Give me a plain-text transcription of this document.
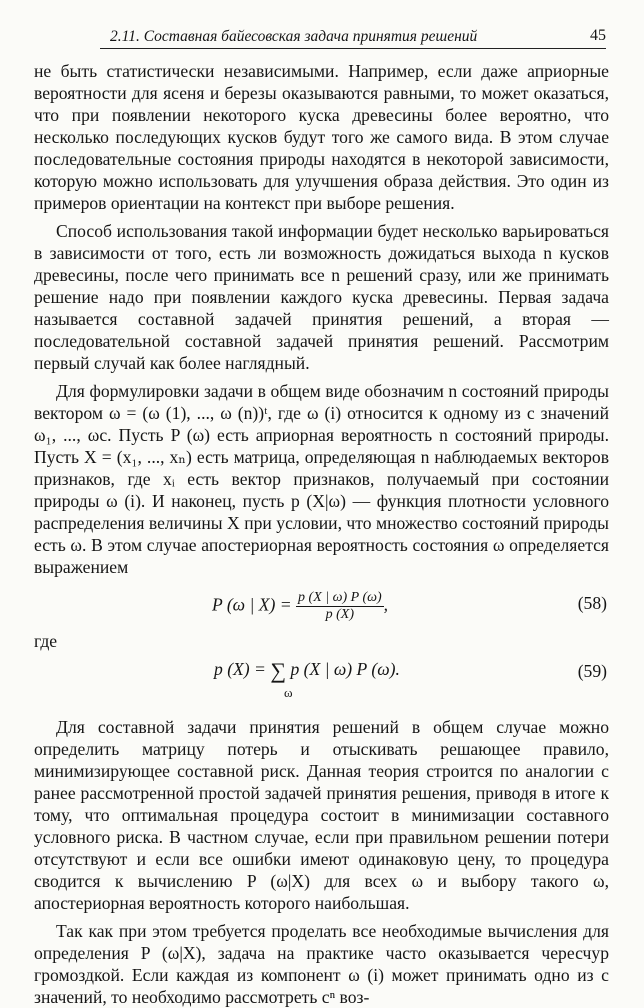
2.11. Составная байесовская задача принятия решений	45

не быть статистически независимыми. Например, если даже априорные вероятности для ясеня и березы оказываются равными, то может оказаться, что при появлении некоторого куска древесины более вероятно, что несколько последующих кусков будут того же самого вида. В этом случае последовательные состояния природы находятся в некоторой зависимости, которую можно использовать для улучшения образа действия. Это один из примеров ориентации на контекст при выборе решения.

Способ использования такой информации будет несколько варьироваться в зависимости от того, есть ли возможность дожидаться выхода n кусков древесины, после чего принимать все n решений сразу, или же принимать решение надо при появлении каждого куска древесины. Первая задача называется составной задачей принятия решений, а вторая — последовательной составной задачей принятия решений. Рассмотрим первый случай как более наглядный.

Для формулировки задачи в общем виде обозначим n состояний природы вектором ω = (ω (1), ..., ω (n))ᵗ, где ω (i) относится к одному из c значений ω₁, ..., ωc. Пусть P (ω) есть априорная вероятность n состояний природы. Пусть X = (x₁, ..., xₙ) есть матрица, определяющая n наблюдаемых векторов признаков, где xᵢ есть вектор признаков, получаемый при состоянии природы ω (i). И наконец, пусть p (X|ω) — функция плотности условного распределения величины X при условии, что множество состояний природы есть ω. В этом случае апостериорная вероятность состояния ω определяется выражением

P (ω | $X) = \frac{p (X | \omega) P (\omega)}{p (X)}$ ,	(58)

где

p (X) = ∑ p (X | ω) P (ω).
ω
(59)

Для составной задачи принятия решений в общем случае можно определить матрицу потерь и отыскивать решающее правило, минимизирующее составной риск. Данная теория строится по аналогии с ранее рассмотренной простой задачей принятия решения, приводя в итоге к тому, что оптимальная процедура состоит в минимизации составного условного риска. В частном случае, если при правильном решении потери отсутствуют и если все ошибки имеют одинаковую цену, то процедура сводится к вычислению P (ω|X) для всех ω и выбору такого ω, апостериорная вероятность которого наибольшая.

Так как при этом требуется проделать все необходимые вычисления для определения P (ω|X), задача на практике часто оказывается чересчур громоздкой. Если каждая из компонент ω (i) может принимать одно из c значений, то необходимо рассмотреть cⁿ воз-
